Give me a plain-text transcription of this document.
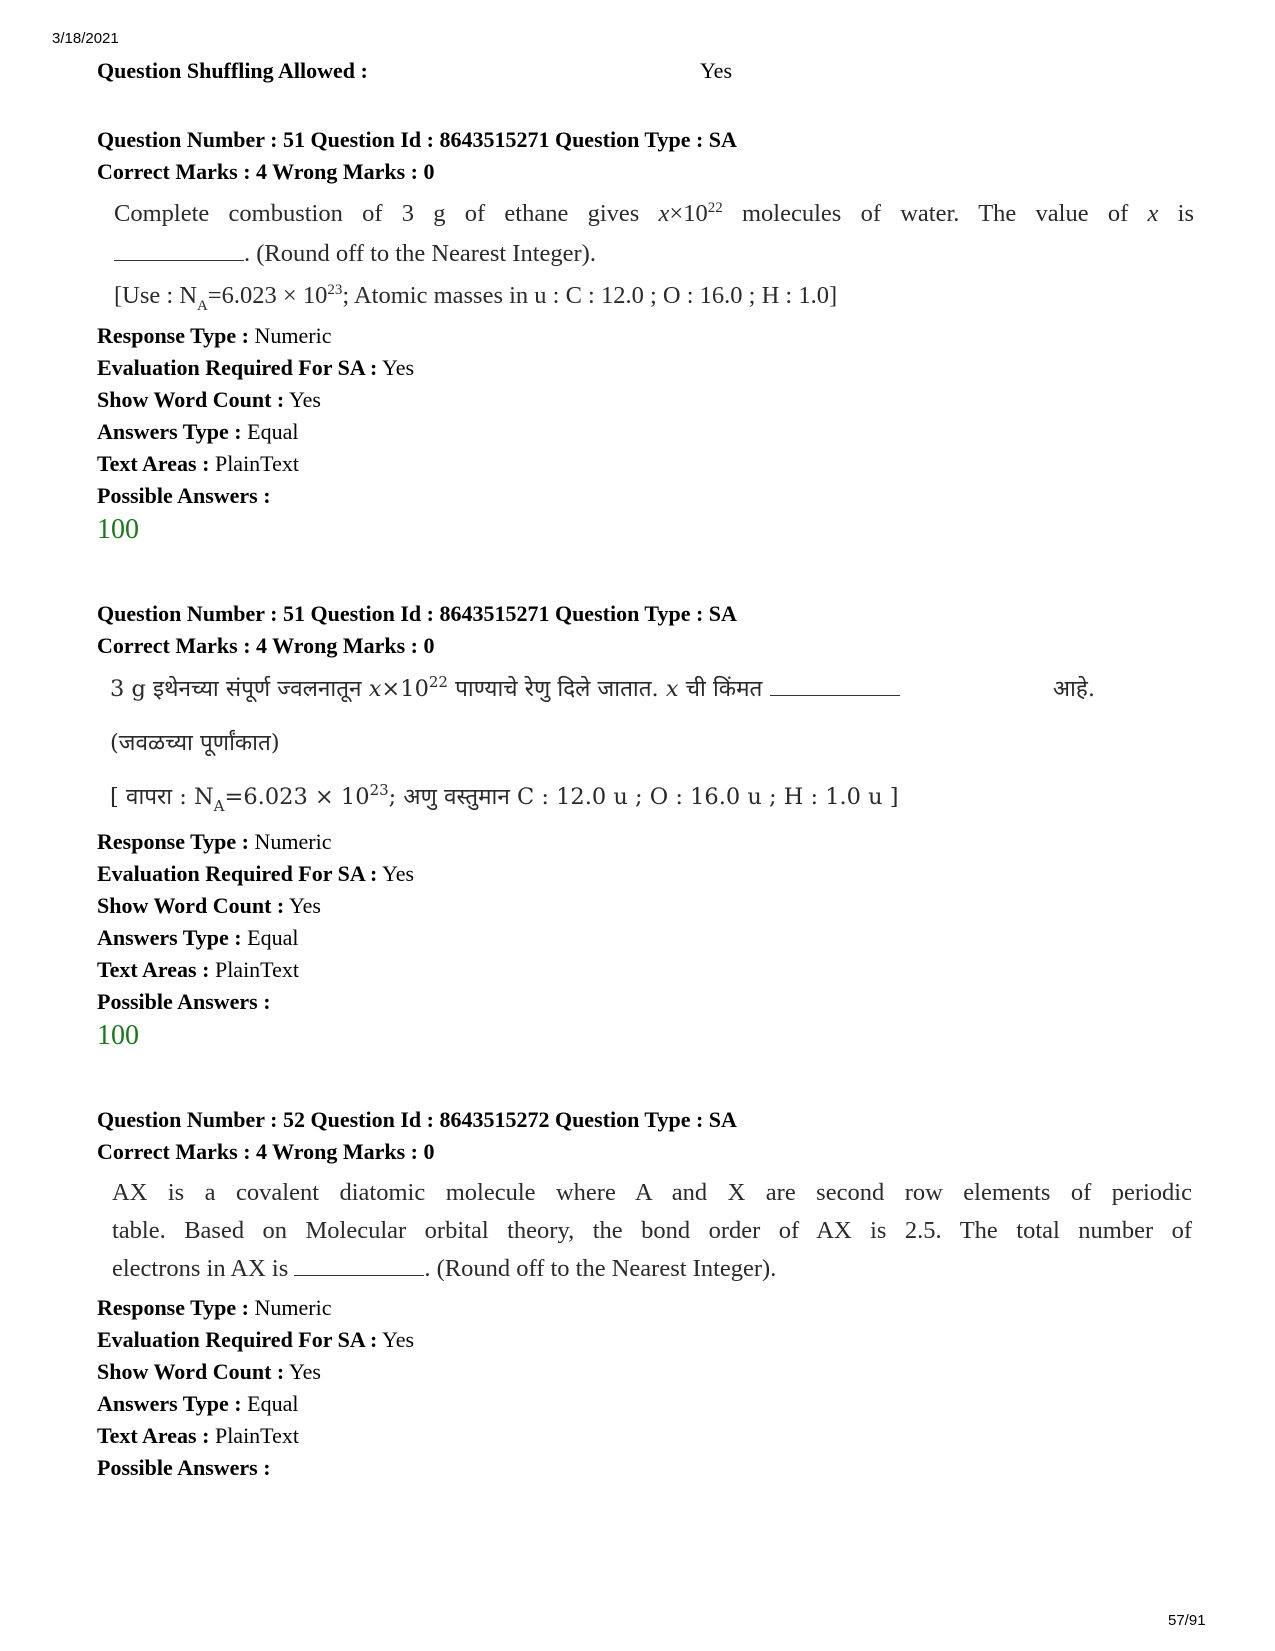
3/18/2021
Question Shuffling Allowed :	Yes
Question Number : 51 Question Id : 8643515271 Question Type : SA
Correct Marks : 4 Wrong Marks : 0
Complete combustion of 3 g of ethane gives $x\times 10^{22}$ molecules of water. The value of x is
. (Round off to the Nearest Integer).
[Use : $N_A=6.023 \times 10^{23}$; Atomic masses in u : C : 12.0 ; O : 16.0 ; H : 1.0]
Response Type : Numeric
Evaluation Required For SA : Yes
Show Word Count : Yes
Answers Type : Equal
Text Areas : PlainText
Possible Answers :
100
Question Number : 51 Question Id : 8643515271 Question Type : SA
Correct Marks : 4 Wrong Marks : 0
3 g इथेनच्या संपूर्ण ज्वलनातून $x\times 10^{22}$ पाण्याचे रेणु दिले जातात. x ची किंमत	आहे.
(जवळच्या पूर्णांकात)
[ वापरा : $N_A=6.023 \times 10^{23}$; अणु वस्तुमान C : 12.0 u ; O : 16.0 u ; H : 1.0 u ]
Response Type : Numeric
Evaluation Required For SA : Yes
Show Word Count : Yes
Answers Type : Equal
Text Areas : PlainText
Possible Answers :
100
Question Number : 52 Question Id : 8643515272 Question Type : SA
Correct Marks : 4 Wrong Marks : 0
AX is a covalent diatomic molecule where A and X are second row elements of periodic
table. Based on Molecular orbital theory, the bond order of AX is 2.5. The total number of
electrons in AX is	. (Round off to the Nearest Integer).
Response Type : Numeric
Evaluation Required For SA : Yes
Show Word Count : Yes
Answers Type : Equal
Text Areas : PlainText
Possible Answers :
57/91
